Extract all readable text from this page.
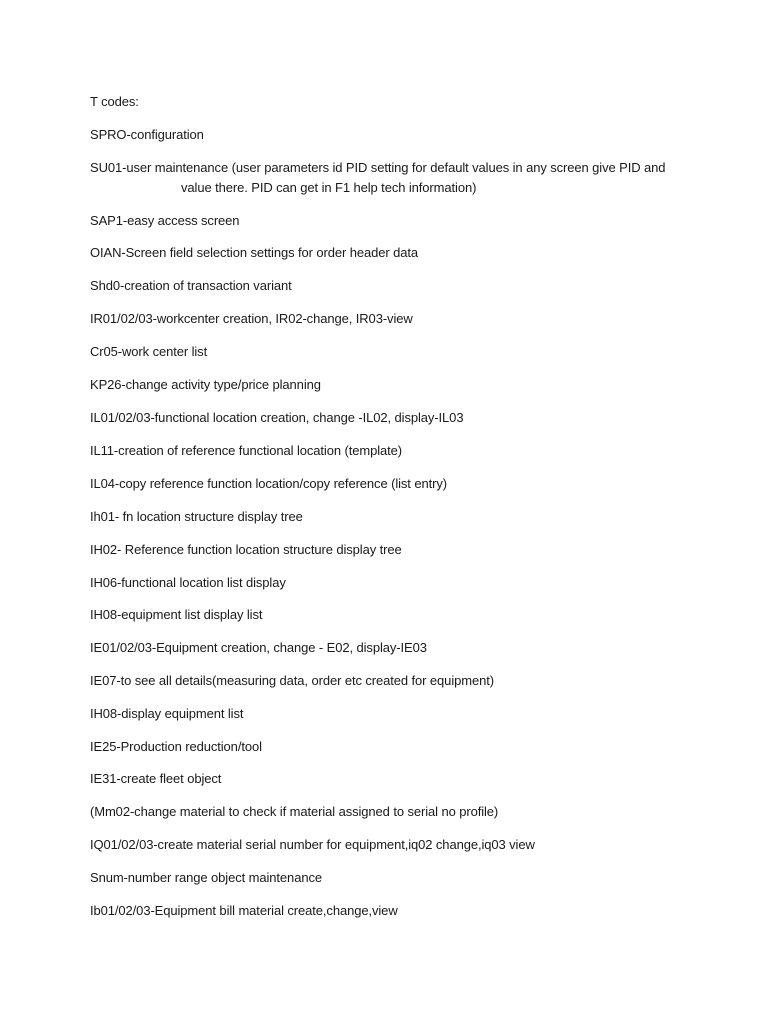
T codes:
SPRO-configuration
SU01-user maintenance (user parameters id PID setting for default values in any screen give PID and
value there. PID can get in F1 help tech information)
SAP1-easy access screen
OIAN-Screen field selection settings for order header data
Shd0-creation of transaction variant
IR01/02/03-workcenter creation, IR02-change, IR03-view
Cr05-work center list
KP26-change activity type/price planning
IL01/02/03-functional location creation, change -IL02, display-IL03
IL11-creation of reference functional location (template)
IL04-copy reference function location/copy reference (list entry)
Ih01- fn location structure display tree
IH02- Reference function location structure display tree
IH06-functional location list display
IH08-equipment list display list
IE01/02/03-Equipment creation, change - E02, display-IE03
IE07-to see all details(measuring data, order etc created for equipment)
IH08-display equipment list
IE25-Production reduction/tool
IE31-create fleet object
(Mm02-change material to check if material assigned to serial no profile)
IQ01/02/03-create material serial number for equipment,iq02 change,iq03 view
Snum-number range object maintenance
Ib01/02/03-Equipment bill material create,change,view
